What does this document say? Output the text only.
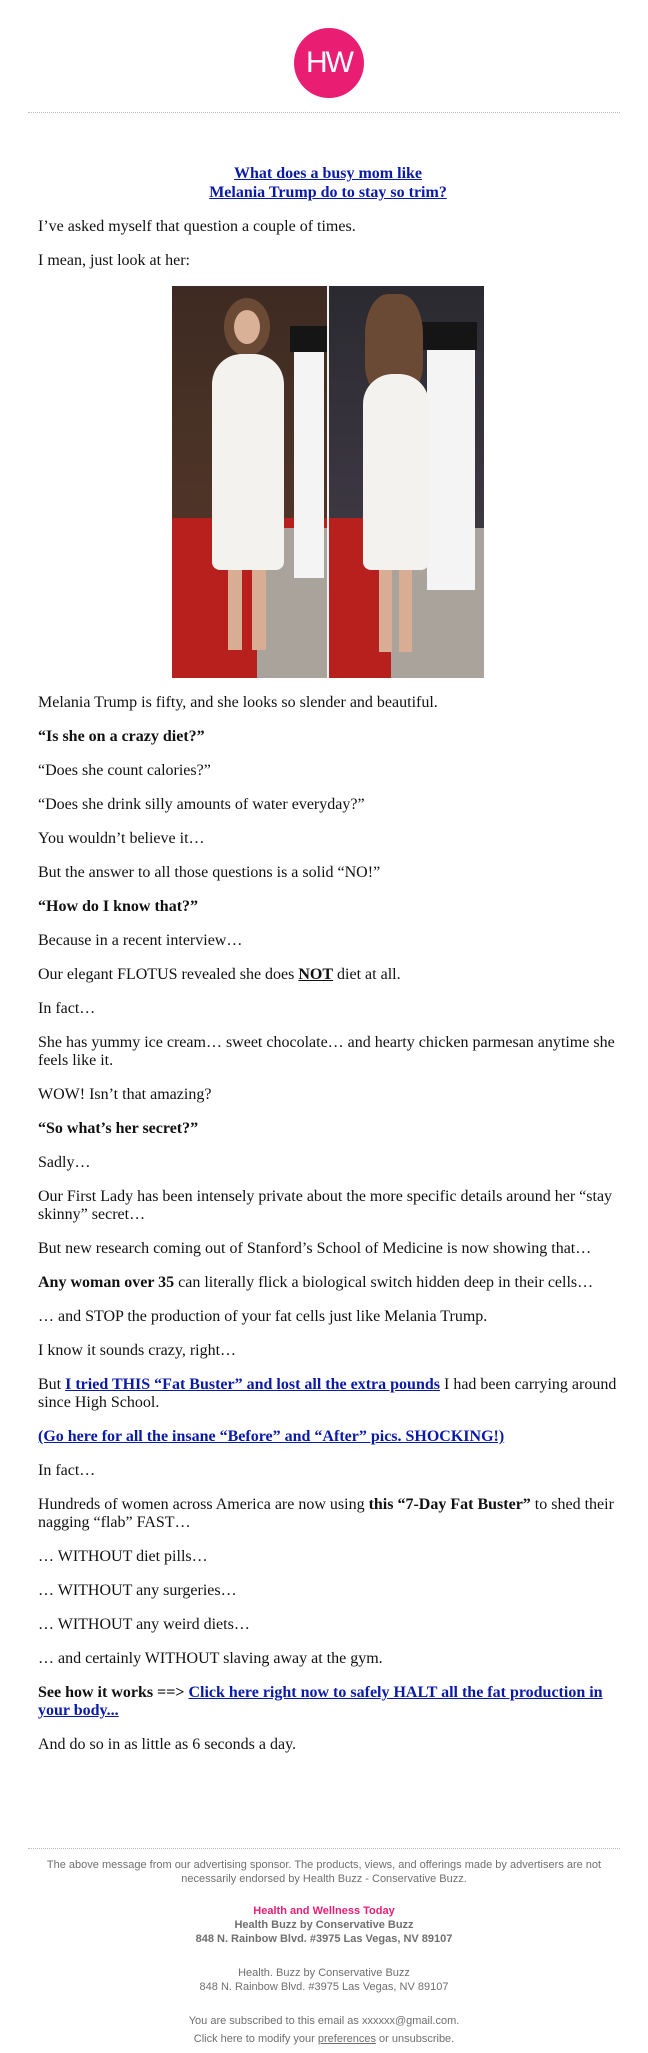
HW
What does a busy mom like
Melania Trump do to stay so trim?

I’ve asked myself that question a couple of times.

I mean, just look at her:

Melania Trump is fifty, and she looks so slender and beautiful.

“Is she on a crazy diet?”

“Does she count calories?”

“Does she drink silly amounts of water everyday?”

You wouldn’t believe it…

But the answer to all those questions is a solid “NO!”

“How do I know that?”

Because in a recent interview…

Our elegant FLOTUS revealed she does NOT diet at all.

In fact…

She has yummy ice cream… sweet chocolate… and hearty chicken parmesan anytime she feels like it.

WOW! Isn’t that amazing?

“So what’s her secret?”

Sadly…

Our First Lady has been intensely private about the more specific details around her “stay skinny” secret…

But new research coming out of Stanford’s School of Medicine is now showing that…

Any woman over 35 can literally flick a biological switch hidden deep in their cells…

… and STOP the production of your fat cells just like Melania Trump.

I know it sounds crazy, right…

But I tried THIS “Fat Buster” and lost all the extra pounds I had been carrying around since High School.

(Go here for all the insane “Before” and “After” pics. SHOCKING!)

In fact…

Hundreds of women across America are now using this “7-Day Fat Buster” to shed their nagging “flab” FAST…

… WITHOUT diet pills…

… WITHOUT any surgeries…

… WITHOUT any weird diets…

… and certainly WITHOUT slaving away at the gym.

See how it works ==> Click here right now to safely HALT all the fat production in your body...

And do so in as little as 6 seconds a day.

The above message from our advertising sponsor. The products, views, and offerings made by advertisers are not necessarily endorsed by Health Buzz - Conservative Buzz.

Health and Wellness Today

Health Buzz by Conservative Buzz

848 N. Rainbow Blvd. #3975 Las Vegas, NV 89107

Health. Buzz by Conservative Buzz

848 N. Rainbow Blvd. #3975 Las Vegas, NV 89107

You are subscribed to this email as xxxxxx@gmail.com.

Click here to modify your preferences or unsubscribe.
